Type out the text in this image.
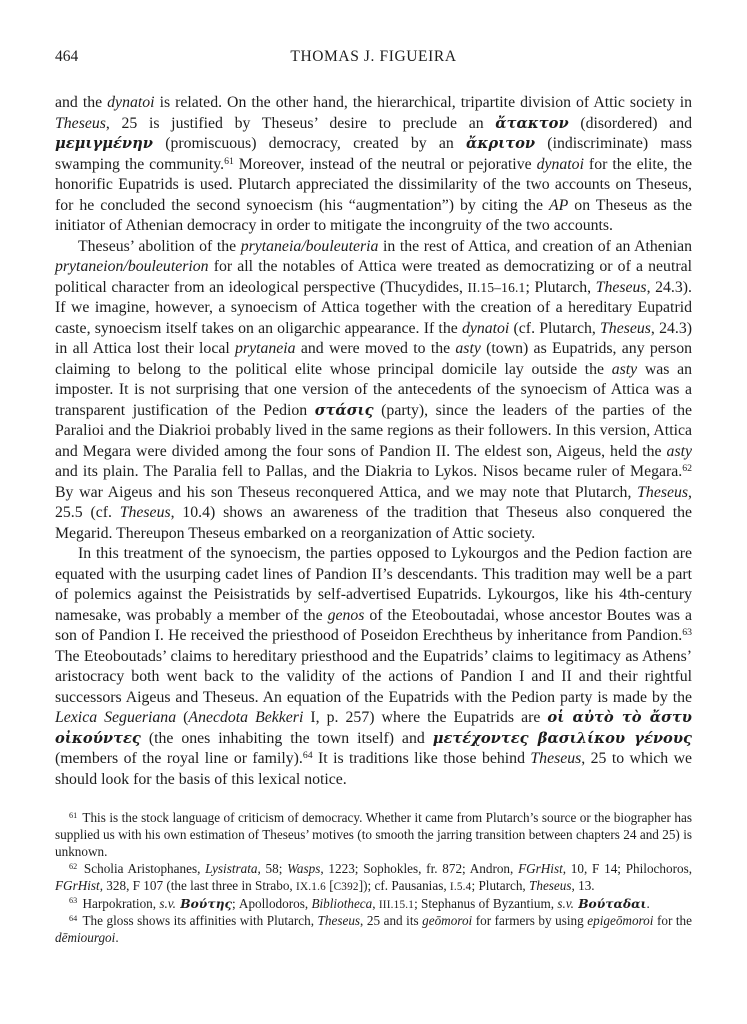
464	THOMAS J. FIGUEIRA

and the dynatoi is related. On the other hand, the hierarchical, tripartite division of Attic society in Theseus, 25 is justified by Theseus’ desire to preclude an ἄτακτον (disordered) and μεμιγμένην (promiscuous) democracy, created by an ἄκριτον (indiscriminate) mass swamping the community.$^{61}$ Moreover, instead of the neutral or pejorative dynatoi for the elite, the honorific Eupatrids is used. Plutarch appreciated the dissimilarity of the two accounts on Theseus, for he concluded the second synoecism (his “augmentation”) by citing the AP on Theseus as the initiator of Athenian democracy in order to mitigate the incongruity of the two accounts.

Theseus’ abolition of the prytaneia/bouleuteria in the rest of Attica, and creation of an Athenian prytaneion/bouleuterion for all the notables of Attica were treated as democratizing or of a neutral political character from an ideological perspective (Thucydides, II.15–16.1; Plutarch, Theseus, 24.3). If we imagine, however, a synoecism of Attica together with the creation of a hereditary Eupatrid caste, synoecism itself takes on an oligarchic appearance. If the dynatoi (cf. Plutarch, Theseus, 24.3) in all Attica lost their local prytaneia and were moved to the asty (town) as Eupatrids, any person claiming to belong to the political elite whose principal domicile lay outside the asty was an imposter. It is not surprising that one version of the antecedents of the synoecism of Attica was a transparent justification of the Pedion στάσις (party), since the leaders of the parties of the Paralioi and the Diakrioi probably lived in the same regions as their followers. In this version, Attica and Megara were divided among the four sons of Pandion II. The eldest son, Aigeus, held the asty and its plain. The Paralia fell to Pallas, and the Diakria to Lykos. Nisos became ruler of Megara.$^{62}$ By war Aigeus and his son Theseus reconquered Attica, and we may note that Plutarch, Theseus, 25.5 (cf. Theseus, 10.4) shows an awareness of the tradition that Theseus also conquered the Megarid. Thereupon Theseus embarked on a reorganization of Attic society.

In this treatment of the synoecism, the parties opposed to Lykourgos and the Pedion faction are equated with the usurping cadet lines of Pandion II’s descendants. This tradition may well be a part of polemics against the Peisistratids by self-advertised Eupatrids. Lykourgos, like his 4th-century namesake, was probably a member of the genos of the Eteoboutadai, whose ancestor Boutes was a son of Pandion I. He received the priesthood of Poseidon Erechtheus by inheritance from Pandion.$^{63}$ The Eteoboutads’ claims to hereditary priesthood and the Eupatrids’ claims to legitimacy as Athens’ aristocracy both went back to the validity of the actions of Pandion I and II and their rightful successors Aigeus and Theseus. An equation of the Eupatrids with the Pedion party is made by the Lexica Segueriana (Anecdota Bekkeri I, p. 257) where the Eupatrids are οἱ αὐτὸ τὸ ἄστυ οἰκούντες (the ones inhabiting the town itself) and μετέχοντες βασιλίκου γένους (members of the royal line or family).$^{64}$ It is traditions like those behind Theseus, 25 to which we should look for the basis of this lexical notice.

$^{61}$ This is the stock language of criticism of democracy. Whether it came from Plutarch’s source or the biographer has supplied us with his own estimation of Theseus’ motives (to smooth the jarring transition between chapters 24 and 25) is unknown.

$^{62}$ Scholia Aristophanes, Lysistrata, 58; Wasps, 1223; Sophokles, fr. 872; Andron, FGrHist, 10, F 14; Philochoros, FGrHist, 328, F 107 (the last three in Strabo, IX.1.6 [C392]); cf. Pausanias, I.5.4; Plutarch, Theseus, 13.

$^{63}$ Harpokration, s.v. Βούτης; Apollodoros, Bibliotheca, III.15.1; Stephanus of Byzantium, s.v. Βούταδαι.

$^{64}$ The gloss shows its affinities with Plutarch, Theseus, 25 and its geōmoroi for farmers by using epigeōmoroi for the dēmiourgoi.
